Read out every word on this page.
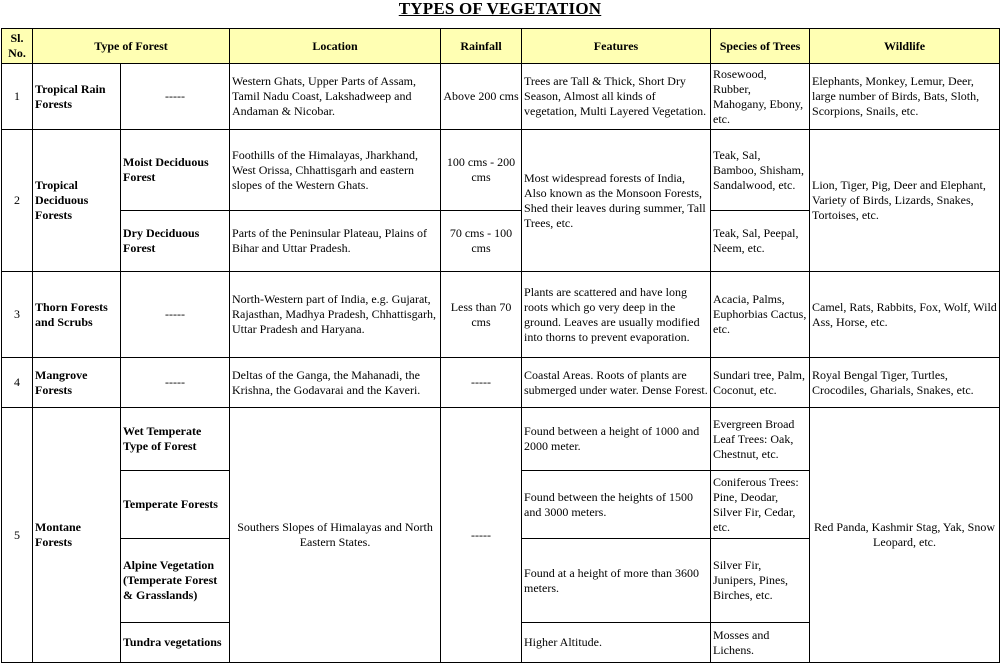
TYPES OF VEGETATION
Sl. No.	Type of Forest		Location	Rainfall	Features	Species of Trees	Wildlife
1	Tropical Rain Forests	-----	Western Ghats, Upper Parts of Assam, Tamil Nadu Coast, Lakshadweep and Andaman & Nicobar.	Above 200 cms	Trees are Tall & Thick, Short Dry Season, Almost all kinds of vegetation, Multi Layered Vegetation.	Rosewood, Rubber, Mahogany, Ebony, etc.	Elephants, Monkey, Lemur, Deer, large number of Birds, Bats, Sloth, Scorpions, Snails, etc.
2	Tropical Deciduous Forests	Moist Deciduous Forest	Foothills of the Himalayas, Jharkhand, West Orissa, Chhattisgarh and eastern slopes of the Western Ghats.	100 cms - 200 cms	Most widespread forests of India, Also known as the Monsoon Forests, Shed their leaves during summer, Tall Trees, etc.	Teak, Sal, Bamboo, Shisham, Sandalwood, etc.	Lion, Tiger, Pig, Deer and Elephant, Variety of Birds, Lizards, Snakes, Tortoises, etc.
		Dry Deciduous Forest	Parts of the Peninsular Plateau, Plains of Bihar and Uttar Pradesh.	70 cms - 100 cms		Teak, Sal, Peepal, Neem, etc.	
3	Thorn Forests and Scrubs	-----	North-Western part of India, e.g. Gujarat, Rajasthan, Madhya Pradesh, Chhattisgarh, Uttar Pradesh and Haryana.	Less than 70 cms	Plants are scattered and have long roots which go very deep in the ground. Leaves are usually modified into thorns to prevent evaporation.	Acacia, Palms, Euphorbias Cactus, etc.	Camel, Rats, Rabbits, Fox, Wolf, Wild Ass, Horse, etc.
4	Mangrove Forests	-----	Deltas of the Ganga, the Mahanadi, the Krishna, the Godavarai and the Kaveri.	-----	Coastal Areas. Roots of plants are submerged under water. Dense Forest.	Sundari tree, Palm, Coconut, etc.	Royal Bengal Tiger, Turtles, Crocodiles, Gharials, Snakes, etc.
5	Montane Forests	Wet Temperate Type of Forest	Southers Slopes of Himalayas and North Eastern States.	-----	Found between a height of 1000 and 2000 meter.	Evergreen Broad Leaf Trees: Oak, Chestnut, etc.	Red Panda, Kashmir Stag, Yak, Snow Leopard, etc.
		Temperate Forests			Found between the heights of 1500 and 3000 meters.	Coniferous Trees: Pine, Deodar, Silver Fir, Cedar, etc.	
		Alpine Vegetation (Temperate Forest & Grasslands)			Found at a height of more than 3600 meters.	Silver Fir, Junipers, Pines, Birches, etc.	
		Tundra vegetations			Higher Altitude.	Mosses and Lichens.	
